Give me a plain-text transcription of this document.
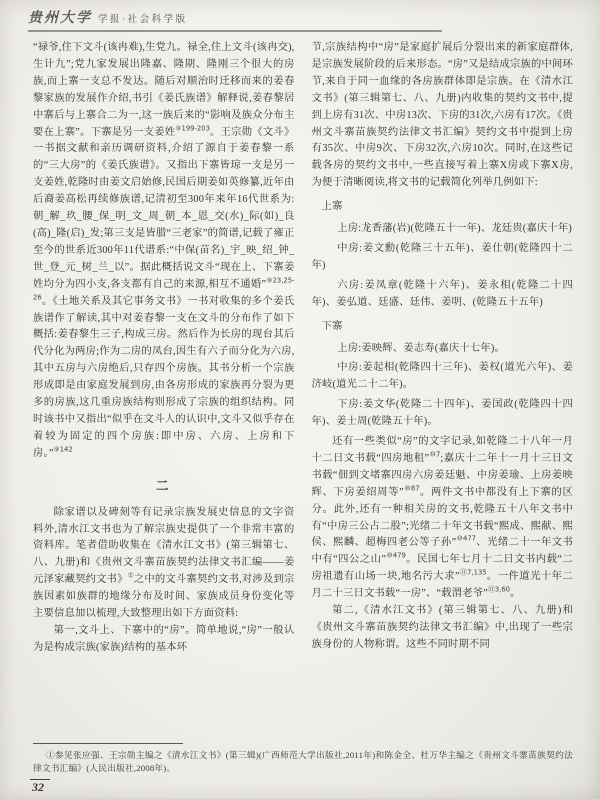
贵州大学 学报·社会科学版

“禄爷,住下文斗(该冉难),生党九。禄全,住上文斗(该冉交),生计九”;党九家发展出隆嘉、隆期、隆刚三个很大的房族,而上寨一支总不发达。随后对顺治时迁移而来的姜春黎家族的发展作介绍,书引《姜氏族谱》解释说,姜春黎居中寨后与上寨合二为一,这一族后来的“影响及族众分布主要在上寨”。下寨是另一支姜姓$^{⑨199-203}$。王宗勋《文斗》一书据文献和亲历调研资料,介绍了源自于姜春黎一系的“三大房”的《姜氏族谱》。又指出下寨皆琼一支是另一支姜姓,乾隆时由姜文启始修,民国后期姜如英修纂,近年由后裔姜高松再续修族谱,记清初至300年来年16代世系为:朝_解_玖_腰_保_明_文_周_朝_本_恩_交(水)_际(如)_良(高)_隆(启)_发;第三支是皆腊“三老家”的简谱,记载了雍正至今的世系近300年11代谱系:“中保(苗名)_宇_映_绍_钟_世_登_元_树_兰_以”。据此概括说文斗“现在上、下寨姜姓均分为四小支,各支都有自己的来源,相互不通婚”$^{⑨23,25-26}$。《土地关系及其它事务文书》一书对收集的多个姜氏族谱作了解读,其中对姜春黎一支在文斗的分布作了如下概括:姜春黎生三子,构成三房。然后作为长房的现台其后代分化为两房;作为二房的凤台,因生有六子而分化为六房,其中五房与六房绝后,只存四个房族。其书分析一个宗族形成即是由家庭发展到房,由各房形成的家族再分裂为更多的房族,这几重房族结构则形成了宗族的组织结构。同时该书中又指出“似乎在文斗人的认识中,文斗又似乎存在着较为固定的四个房族:即中房、六房、上房和下房。”$^{⑨142}$

二

除家谱以及碑刻等有记录宗族发展史信息的文字资料外,清水江文书也为了解宗族史提供了一个非常丰富的资料库。笔者借助收集在《清水江文书》(第三辑第七、八、九册)和《贵州文斗寨苗族契约法律文书汇编——姜元泽家藏契约文书》①之中的文斗寨契约文书,对涉及到宗族因素如族群的地缘分布及时间、家族成员身份变化等主要信息加以梳理,大致整理出如下方面资料:

第一,文斗上、下寨中的“房”。简单地说,“房”一般认为是构成宗族(家族)结构的基本环

节,宗族结构中“房”是家庭扩展后分裂出来的新家庭群体,是宗族发展阶段的后来形态。“房”又是结成宗族的中间环节,来自于同一血缘的各房族群体即是宗族。在《清水江文书》(第三辑第七、八、九册)内收集的契约文书中,提到上房有31次、中房13次、下房的31次,六房有17次。《贵州文斗寨苗族契约法律文书汇编》契约文书中提到上房有35次、中房9次、下房32次,六房10次。同时,在这些记载各房的契约文书中,一些直接写着上寨X房或下寨X房,为便于清晰阅读,将文书的记载简化列举几例如下:

上寨

上房:龙香藩(岩)(乾隆五十一年)、龙廷贵(嘉庆十年)

中房:姜文勳(乾隆三十五年)、姜仕朝(乾隆四十二年)

六房:姜凤章(乾隆十六年)、姜永相(乾隆二十四年)、姜弘道、廷盛、廷伟、姜明、(乾隆五十五年)

下寨

上房:姜映辉、姜志寿(嘉庆十七年)。

中房:姜起相(乾隆四十三年)、姜权(道光六年)、姜济岐(道光二十二年)。

下房:姜文华(乾隆二十四年)、姜国政(乾隆四十四年)、姜士周(乾隆五十年)。

还有一些类似“房”的文字记录,如乾隆二十八年一月十二日文书载“四房地租”$^{⑩7}$;嘉庆十二年十一月十三日文书载“佃到文堵寨四房六房姜廷魁、中房姜瑜、上房姜映辉、下房姜绍周等”$^{⑩87}$。两件文书中都没有上下寨的区分。此外,还有一种相关房的文书,乾隆五十八年文书中有“中房三公占二股”;光绪二十年文书载“熙成、熙献、熙侯、熙麟、超梅四老公等子孙”$^{⑩477}$、光绪二十一年文书中有“四公之山”$^{⑩479}$。民国七年七月十二日文书内载“二房祖遗有山场一块,地名污大求”$^{⑪7,135}$。一件道光十年二月二十三日文书载“一房”、“载渭老爷”$^{⑪3,60}$。

第二,《清水江文书》(第三辑第七、八、九册)和《贵州文斗寨苗族契约法律文书汇编》中,出现了一些宗族身份的人物称谓。这些不同时期不同

①参见张应强、王宗勋主编之《清水江文书》(第三辑)(广西师范大学出版社,2011年)和陈金全、杜万华主编之《贵州文斗寨苗族契约法律文书汇编》(人民出版社,2008年)。

32
